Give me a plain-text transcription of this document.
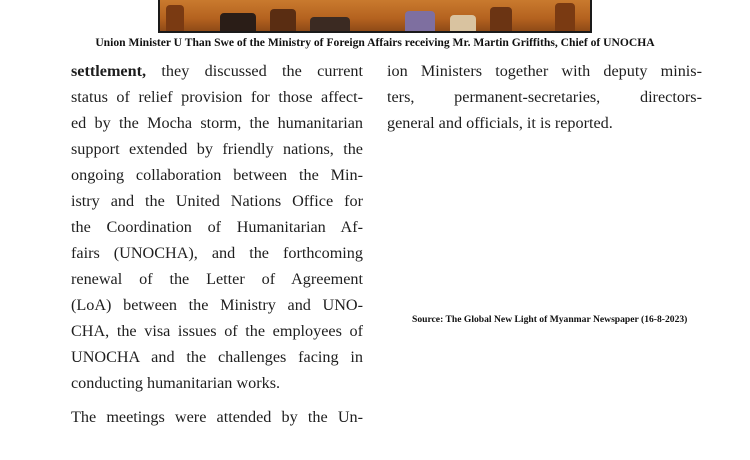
Union Minister U Than Swe of the Ministry of Foreign Affairs receiving Mr. Martin Griffiths, Chief of UNOCHA

settlement, they discussed the current
status of relief provision for those affect-
ed by the Mocha storm, the humanitarian
support extended by friendly nations, the
ongoing collaboration between the Min-
istry and the United Nations Office for
the Coordination of Humanitarian Af-
fairs (UNOCHA), and the forthcoming
renewal of the Letter of Agreement
(LoA) between the Ministry and UNO-
CHA, the visa issues of the employees of
UNOCHA and the challenges facing in
conducting humanitarian works.

The meetings were attended by the Un-

ion Ministers together with deputy minis-
ters, permanent-secretaries, directors-
general and officials, it is reported.

Source: The Global New Light of Myanmar Newspaper (16-8-2023)
